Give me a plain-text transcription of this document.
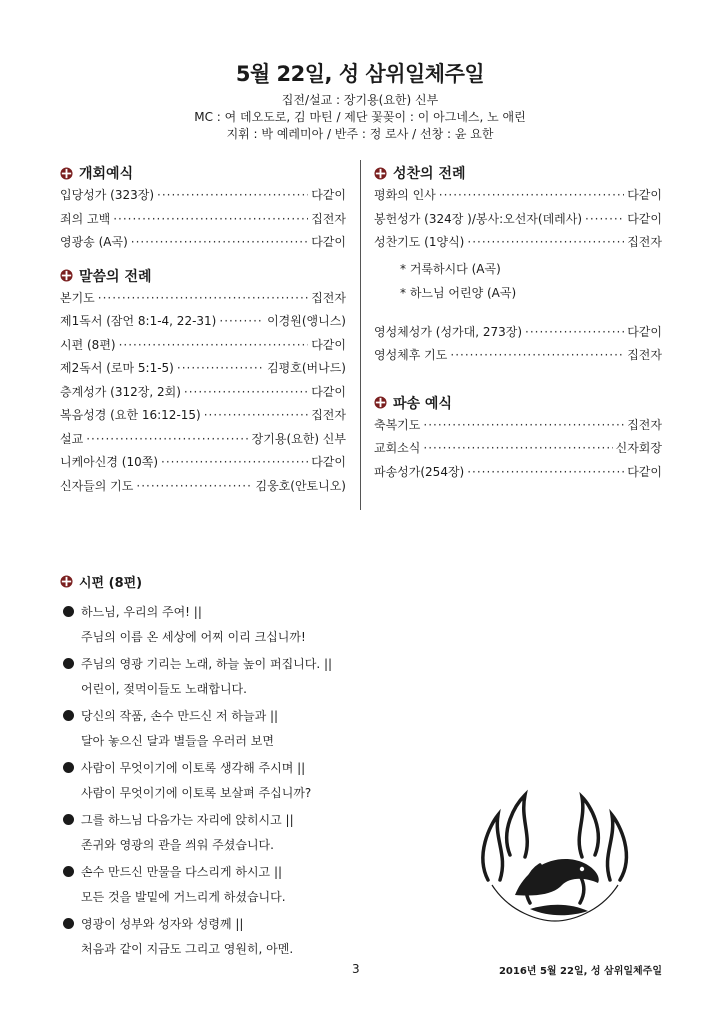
5월 22일, 성 삼위일체주일
집전/설교 : 장기용(요한) 신부
MC : 여 데오도로, 김 마틴 / 제단 꽃꽂이 : 이 아그네스, 노 애린
지휘 : 박 예레미아 / 반주 : 정 로사 / 선창 : 윤 요한
개회예식
입당성가 (323장) ·····	다같이
죄의 고백 ·····	집전자
영광송 (A곡) ·····	다같이
말씀의 전례
본기도 ·····	집전자
제1독서 (잠언 8:1-4, 22-31) ·····	이경원(앵니스)
시편 (8편) ·····	다같이
제2독서 (로마 5:1-5) ·····	김평호(버나드)
층계성가 (312장, 2회) ·····	다같이
복음성경 (요한 16:12-15) ·····	집전자
설교 ·····	장기용(요한) 신부
니케아신경 (10쪽) ·····	다같이
신자들의 기도 ·····	김웅호(안토니오)
성찬의 전례
평화의 인사 ·····	다같이
봉헌성가 (324장 )/봉사:오선자(데레사) ·····	다같이
성찬기도 (1양식) ·····	집전자
* 거룩하시다 (A곡)
* 하느님 어린양 (A곡)
영성체성가 (성가대, 273장) ·····	다같이
영성체후 기도 ·····	집전자
파송 예식
축복기도 ·····	집전자
교회소식 ·····	신자회장
파송성가(254장) ·····	다같이
시편 (8편)
하느님, 우리의 주여! ||
주님의 이름 온 세상에 어찌 이리 크십니까!
주님의 영광 기리는 노래, 하늘 높이 퍼집니다. ||
어린이, 젖먹이들도 노래합니다.
당신의 작품, 손수 만드신 저 하늘과 ||
달아 놓으신 달과 별들을 우러러 보면
사람이 무엇이기에 이토록 생각해 주시며 ||
사람이 무엇이기에 이토록 보살펴 주십니까?
그를 하느님 다음가는 자리에 앉히시고 ||
존귀와 영광의 관을 씌워 주셨습니다.
손수 만드신 만물을 다스리게 하시고 ||
모든 것을 발밑에 거느리게 하셨습니다.
영광이 성부와 성자와 성령께 ||
처음과 같이 지금도 그리고 영원히, 아멘.
3	2016년 5월 22일, 성 삼위일체주일
